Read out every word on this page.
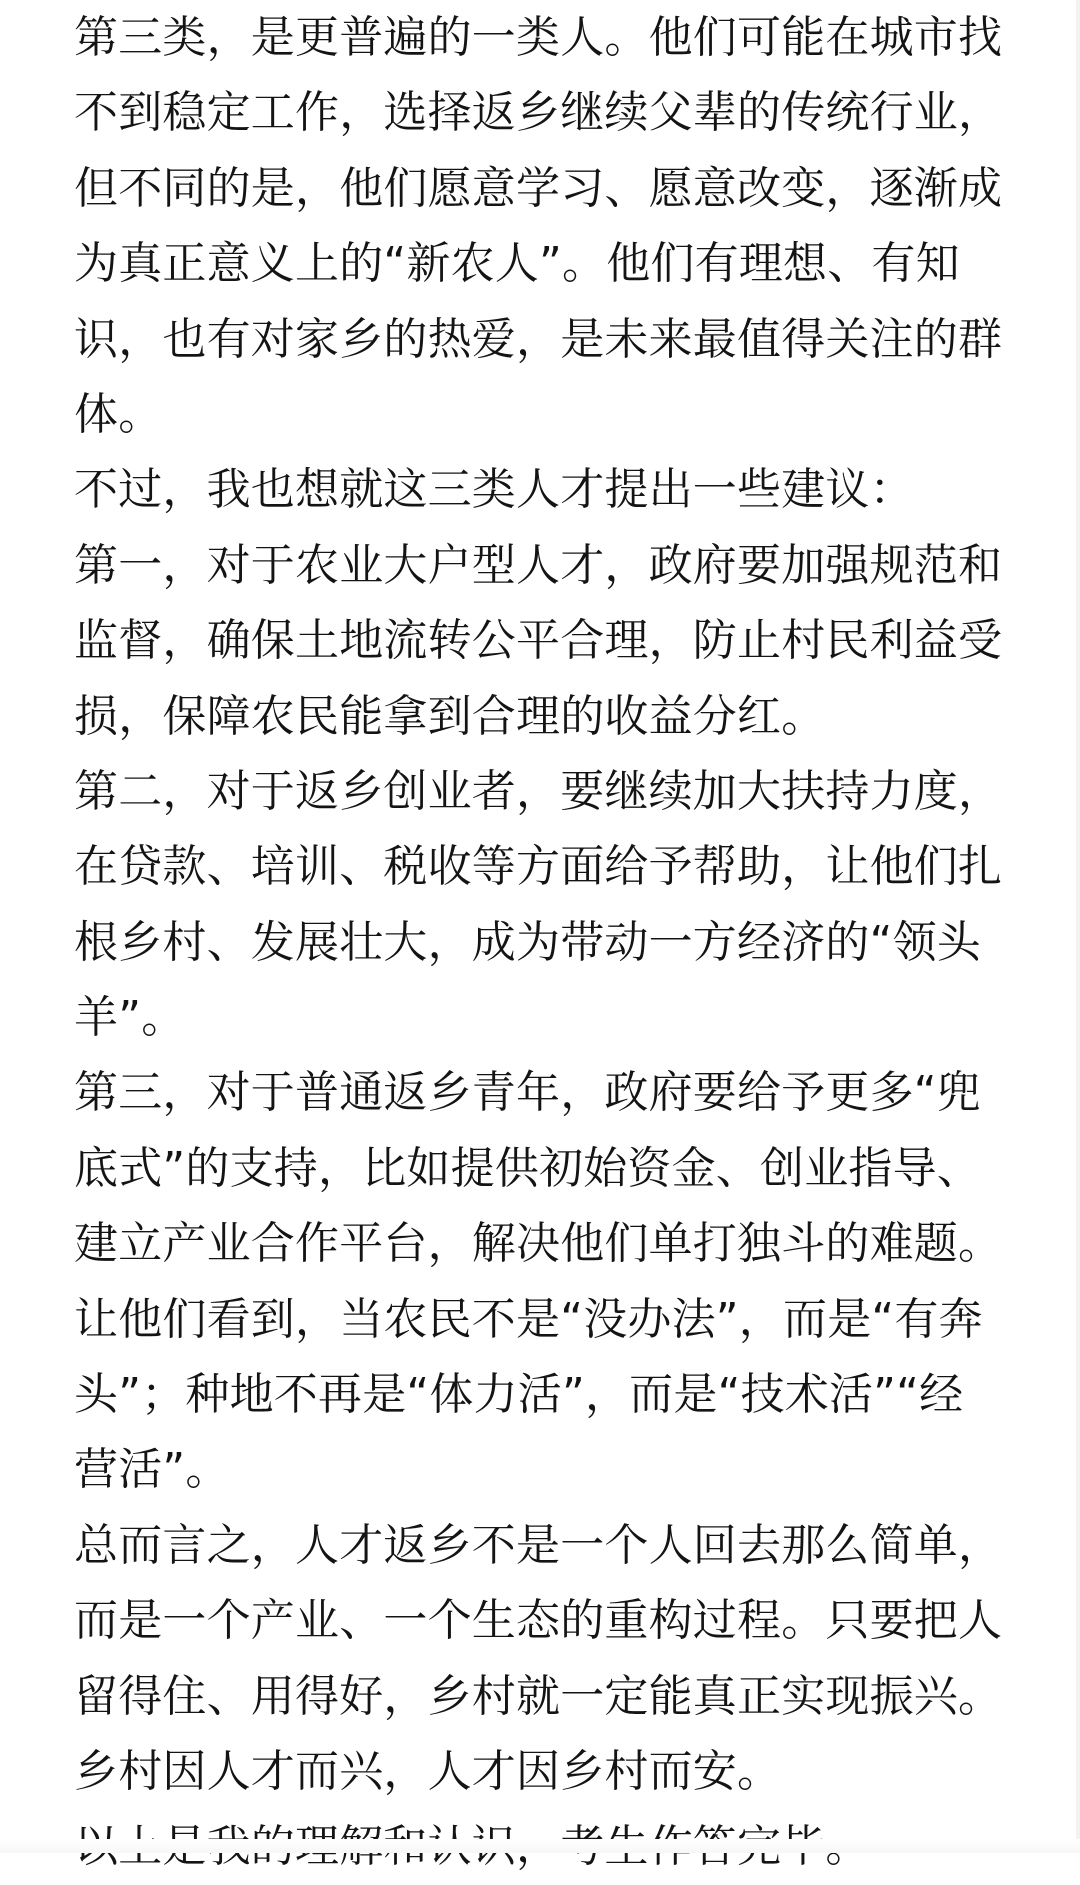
第三类，是更普遍的一类人。他们可能在城市找
不到稳定工作，选择返乡继续父辈的传统行业，
但不同的是，他们愿意学习、愿意改变，逐渐成
为真正意义上的“新农人”。他们有理想、有知
识，也有对家乡的热爱，是未来最值得关注的群
体。
不过，我也想就这三类人才提出一些建议：
第一，对于农业大户型人才，政府要加强规范和
监督，确保土地流转公平合理，防止村民利益受
损，保障农民能拿到合理的收益分红。
第二，对于返乡创业者，要继续加大扶持力度，
在贷款、培训、税收等方面给予帮助，让他们扎
根乡村、发展壮大，成为带动一方经济的“领头
羊”。
第三，对于普通返乡青年，政府要给予更多“兜
底式”的支持，比如提供初始资金、创业指导、
建立产业合作平台，解决他们单打独斗的难题。
让他们看到，当农民不是“没办法”，而是“有奔
头”；种地不再是“体力活”，而是“技术活”“经
营活”。
总而言之，人才返乡不是一个人回去那么简单，
而是一个产业、一个生态的重构过程。只要把人
留得住、用得好，乡村就一定能真正实现振兴。
乡村因人才而兴，人才因乡村而安。
